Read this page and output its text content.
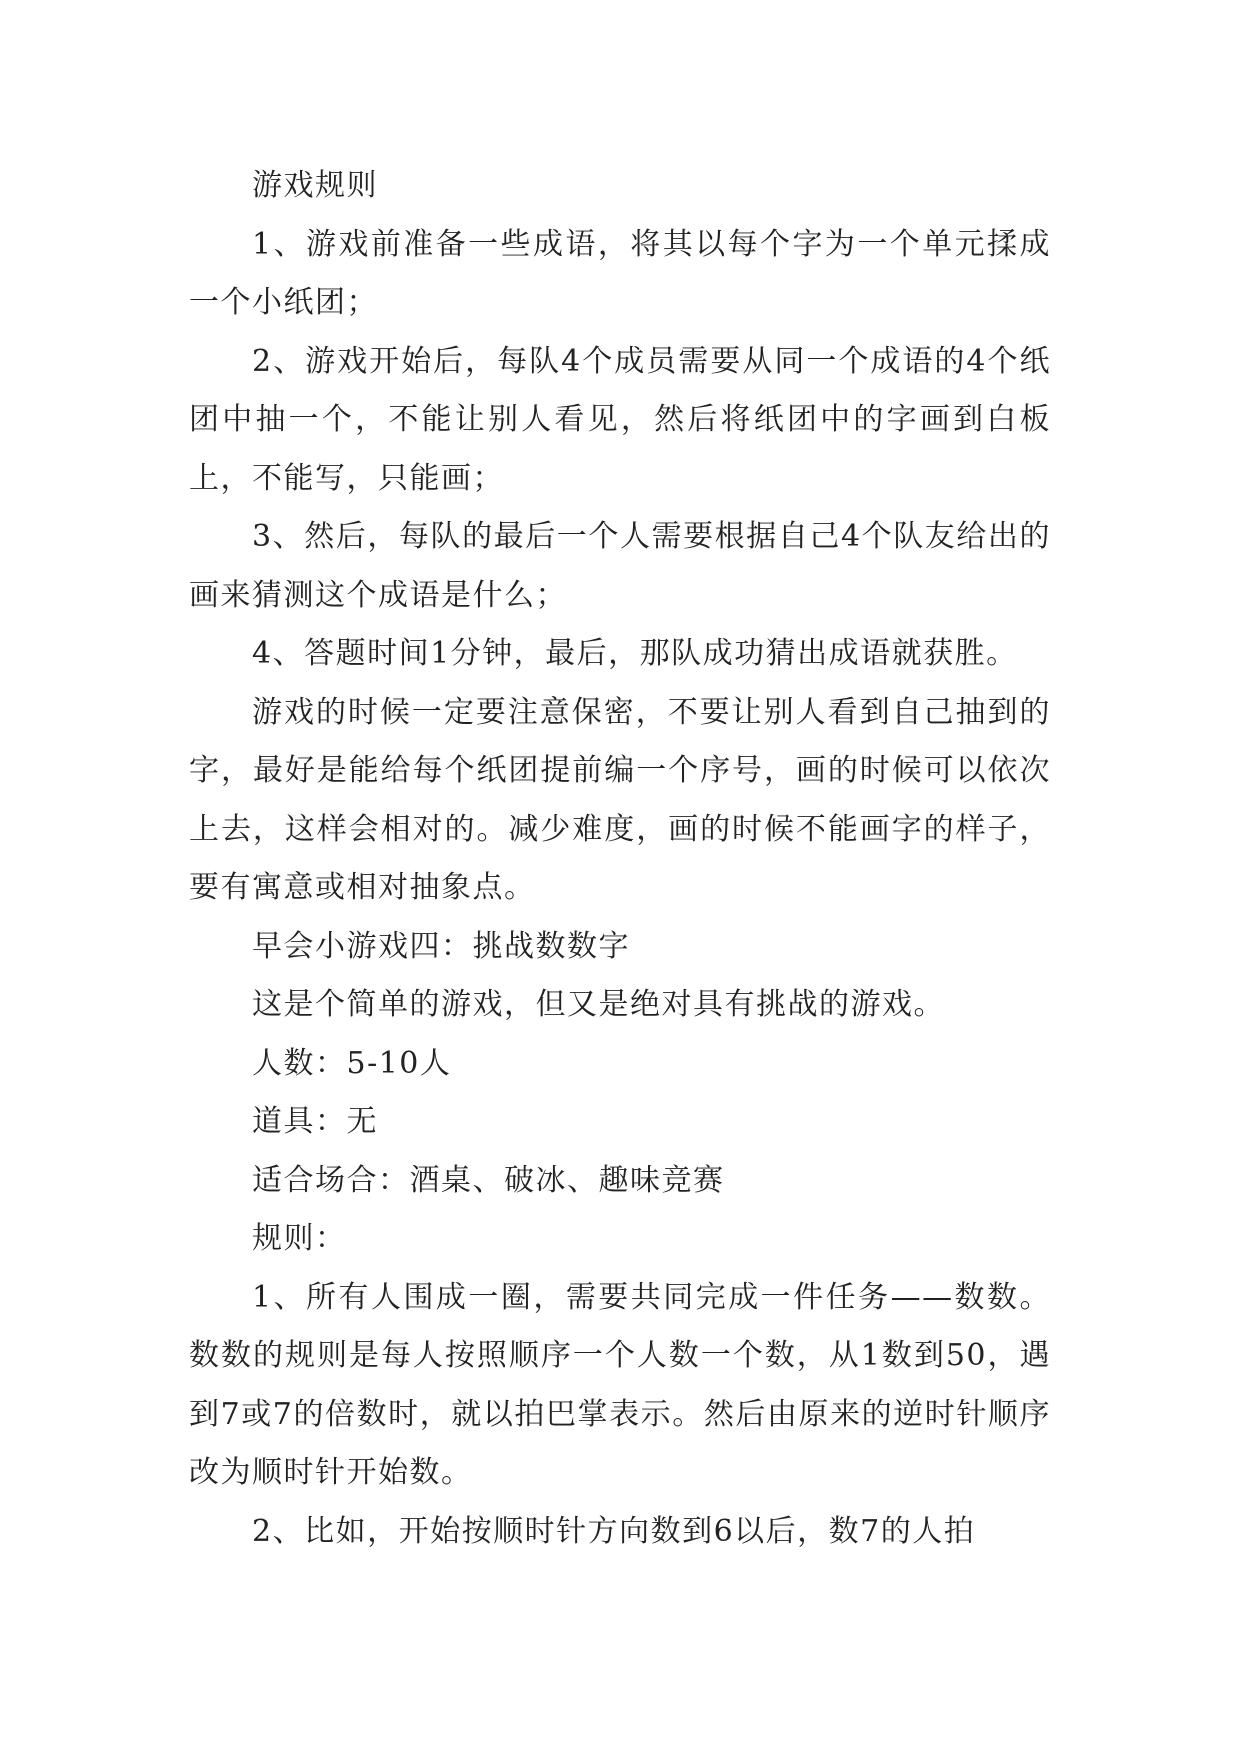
游戏规则

1、游戏前准备一些成语，将其以每个字为一个单元揉成一个小纸团；

2、游戏开始后，每队4个成员需要从同一个成语的4个纸团中抽一个，不能让别人看见，然后将纸团中的字画到白板上，不能写，只能画；

3、然后，每队的最后一个人需要根据自己4个队友给出的画来猜测这个成语是什么；

4、答题时间1分钟，最后，那队成功猜出成语就获胜。

游戏的时候一定要注意保密，不要让别人看到自己抽到的字，最好是能给每个纸团提前编一个序号，画的时候可以依次上去，这样会相对的。减少难度，画的时候不能画字的样子，要有寓意或相对抽象点。

早会小游戏四：挑战数数字

这是个简单的游戏，但又是绝对具有挑战的游戏。

人数：5-10人

道具：无

适合场合：酒桌、破冰、趣味竞赛

规则：

1、所有人围成一圈，需要共同完成一件任务——数数。数数的规则是每人按照顺序一个人数一个数，从1数到50，遇到7或7的倍数时，就以拍巴掌表示。然后由原来的逆时针顺序改为顺时针开始数。

2、比如，开始按顺时针方向数到6以后，数7的人拍
